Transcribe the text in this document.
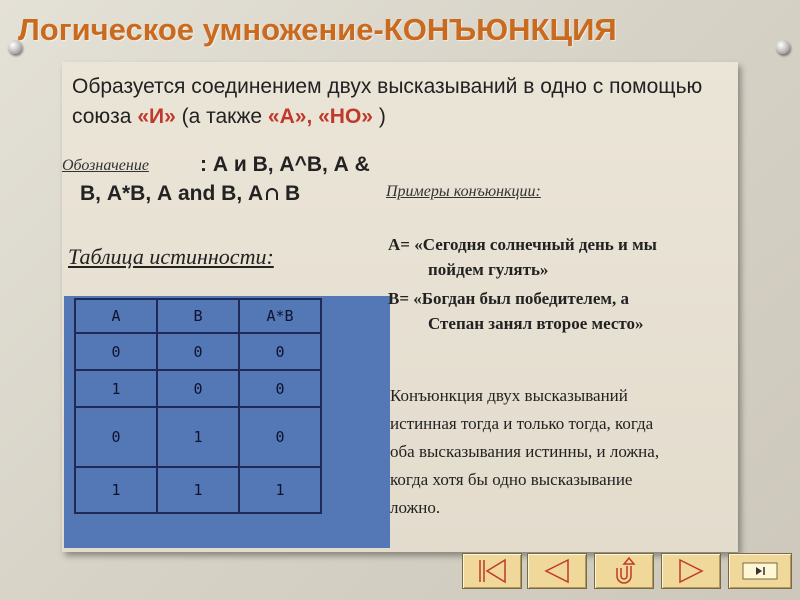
Логическое умножение-КОНЪЮНКЦИЯ
Образуется соединением двух высказываний в одно с помощью союза «И» (а также «А», «НО» )
Обозначение : А и В, А^В, А &
В, А*В, А and В, А В
Таблица истинности:
A	B	A*B
0	0	0
1	0	0
0	1	0
1	1	1
Примеры конъюнкции:
А= «Сегодня солнечный день и мы
пойдем гулять»
В= «Богдан был победителем, а
Степан занял второе место»
Конъюнкция двух высказываний
истинная тогда и только тогда, когда
оба высказывания истинны, и ложна,
когда хотя бы одно высказывание
ложно.
